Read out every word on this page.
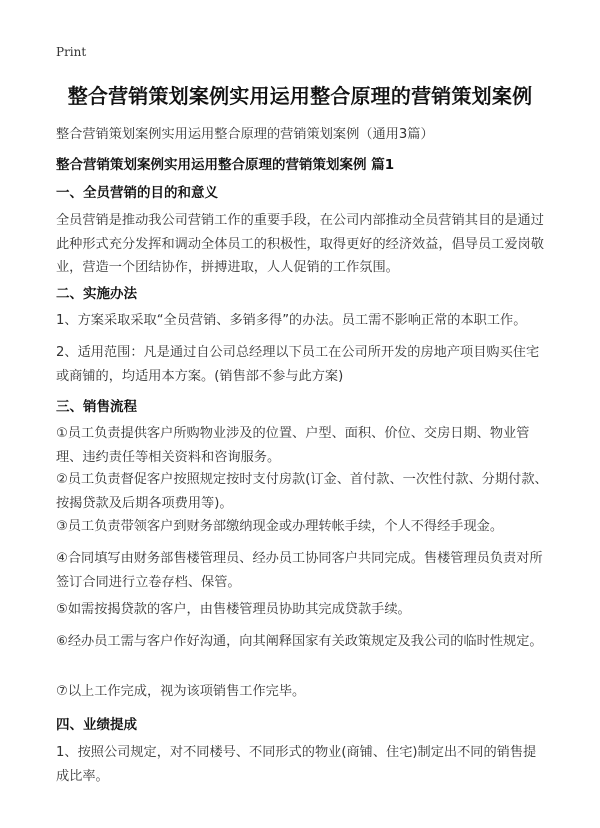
Print
整合营销策划案例实用运用整合原理的营销策划案例
整合营销策划案例实用运用整合原理的营销策划案例（通用3篇）
整合营销策划案例实用运用整合原理的营销策划案例 篇1
一、全员营销的目的和意义
全员营销是推动我公司营销工作的重要手段，在公司内部推动全员营销其目的是通过此种形式充分发挥和调动全体员工的积极性，取得更好的经济效益，倡导员工爱岗敬业，营造一个团结协作，拼搏进取，人人促销的工作氛围。
二、实施办法
1、方案采取采取“全员营销、多销多得”的办法。员工需不影响正常的本职工作。
2、适用范围：凡是通过自公司总经理以下员工在公司所开发的房地产项目购买住宅或商铺的，均适用本方案。(销售部不参与此方案)
三、销售流程
①员工负责提供客户所购物业涉及的位置、户型、面积、价位、交房日期、物业管理、违约责任等相关资料和咨询服务。
②员工负责督促客户按照规定按时支付房款(订金、首付款、一次性付款、分期付款、按揭贷款及后期各项费用等)。
③员工负责带领客户到财务部缴纳现金或办理转帐手续，个人不得经手现金。
④合同填写由财务部售楼管理员、经办员工协同客户共同完成。售楼管理员负责对所签订合同进行立卷存档、保管。
⑤如需按揭贷款的客户，由售楼管理员协助其完成贷款手续。
⑥经办员工需与客户作好沟通，向其阐释国家有关政策规定及我公司的临时性规定。
⑦以上工作完成，视为该项销售工作完毕。
四、业绩提成
1、按照公司规定，对不同楼号、不同形式的物业(商铺、住宅)制定出不同的销售提成比率。
